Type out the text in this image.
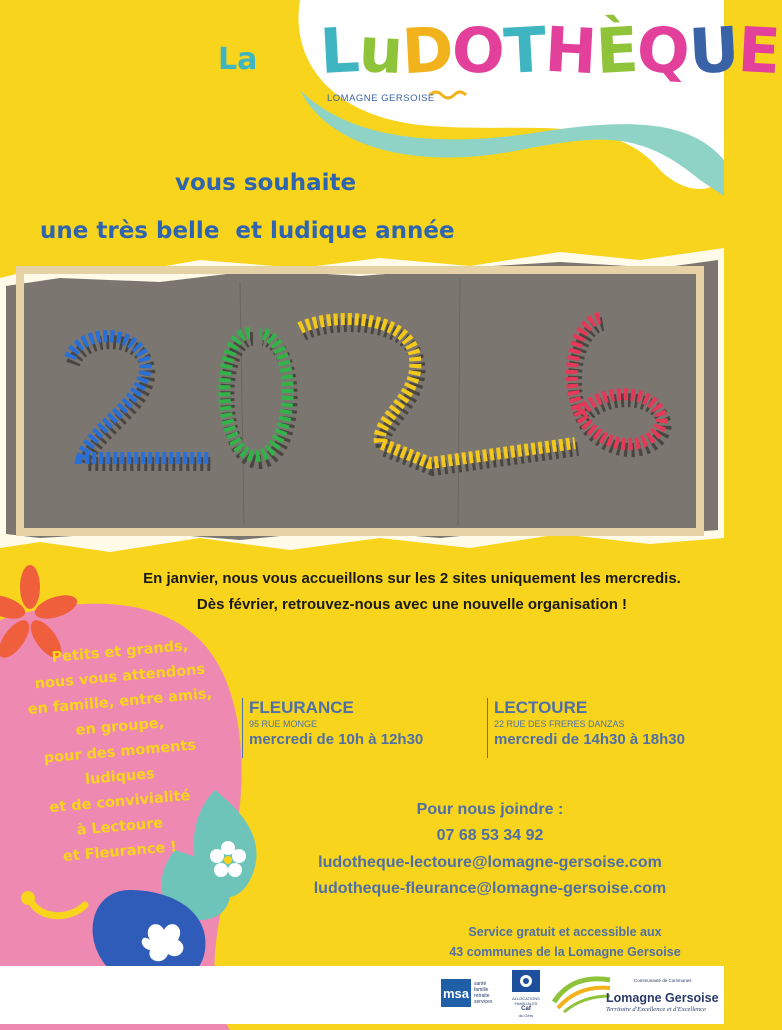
La LuDOTHÈQUE
LOMAGNE GERSOISE
vous souhaite
une très belle  et ludique année
En janvier, nous vous accueillons sur les 2 sites uniquement les mercredis.
Dès février, retrouvez-nous avec une nouvelle organisation !
Petits et grands,
nous vous attendons
en famille, entre amis,
en groupe,
pour des moments
ludiques
et de convivialité
à Lectoure
et Fleurance !
FLEURANCE
95 RUE MONGE
mercredi de 10h à 12h30
LECTOURE
22 RUE DES FRERES DANZAS
mercredi de 14h30 à 18h30
Pour nous joindre :
07 68 53 34 92
ludotheque-lectoure@lomagne-gersoise.com
ludotheque-fleurance@lomagne-gersoise.com
Service gratuit et accessible aux
43 communes de la Lomagne Gersoise
msa
santé
famille
retraite
services
ALLOCATIONS
FAMILIALES
Caf
du Gers
Communauté de Communes
Lomagne Gersoise
Territoire d'Excellence et d'Excellence
